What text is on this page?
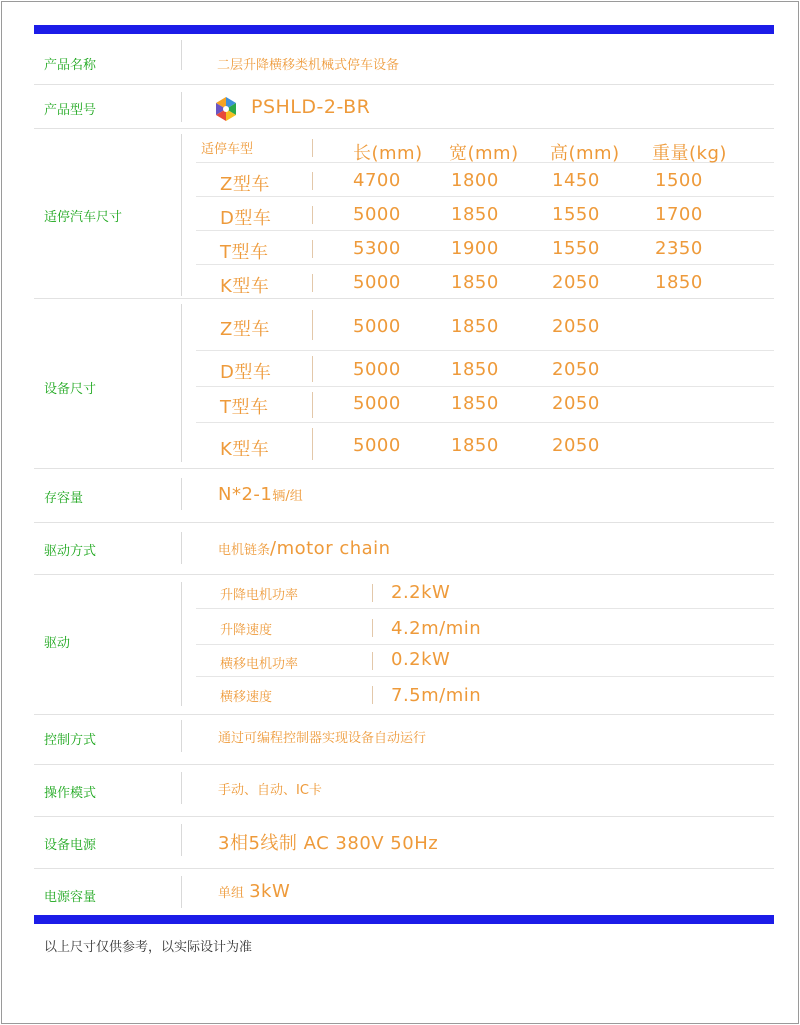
产品名称	二层升降横移类机械式停车设备
产品型号	PSHLD-2-BR
适停汽车尺寸
适停车型	长(mm) 宽(mm) 高(mm) 重量(kg)
Z型车	4700	1800	1450	1500
D型车	5000	1850	1550	1700
T型车	5300	1900	1550	2350
K型车	5000	1850	2050	1850
设备尺寸
Z型车	5000	1850	2050
D型车	5000	1850	2050
T型车	5000	1850	2050
K型车	5000	1850	2050
存容量	N*2-1辆/组
驱动方式	电机链条/motor chain
驱动
升降电机功率	2.2kW
升降速度	4.2m/min
横移电机功率	0.2kW
横移速度	7.5m/min
控制方式	通过可编程控制器实现设备自动运行
操作模式	手动、自动、IC卡
设备电源	3相5线制 AC 380V 50Hz
电源容量	单组 3kW
以上尺寸仅供参考，以实际设计为准
